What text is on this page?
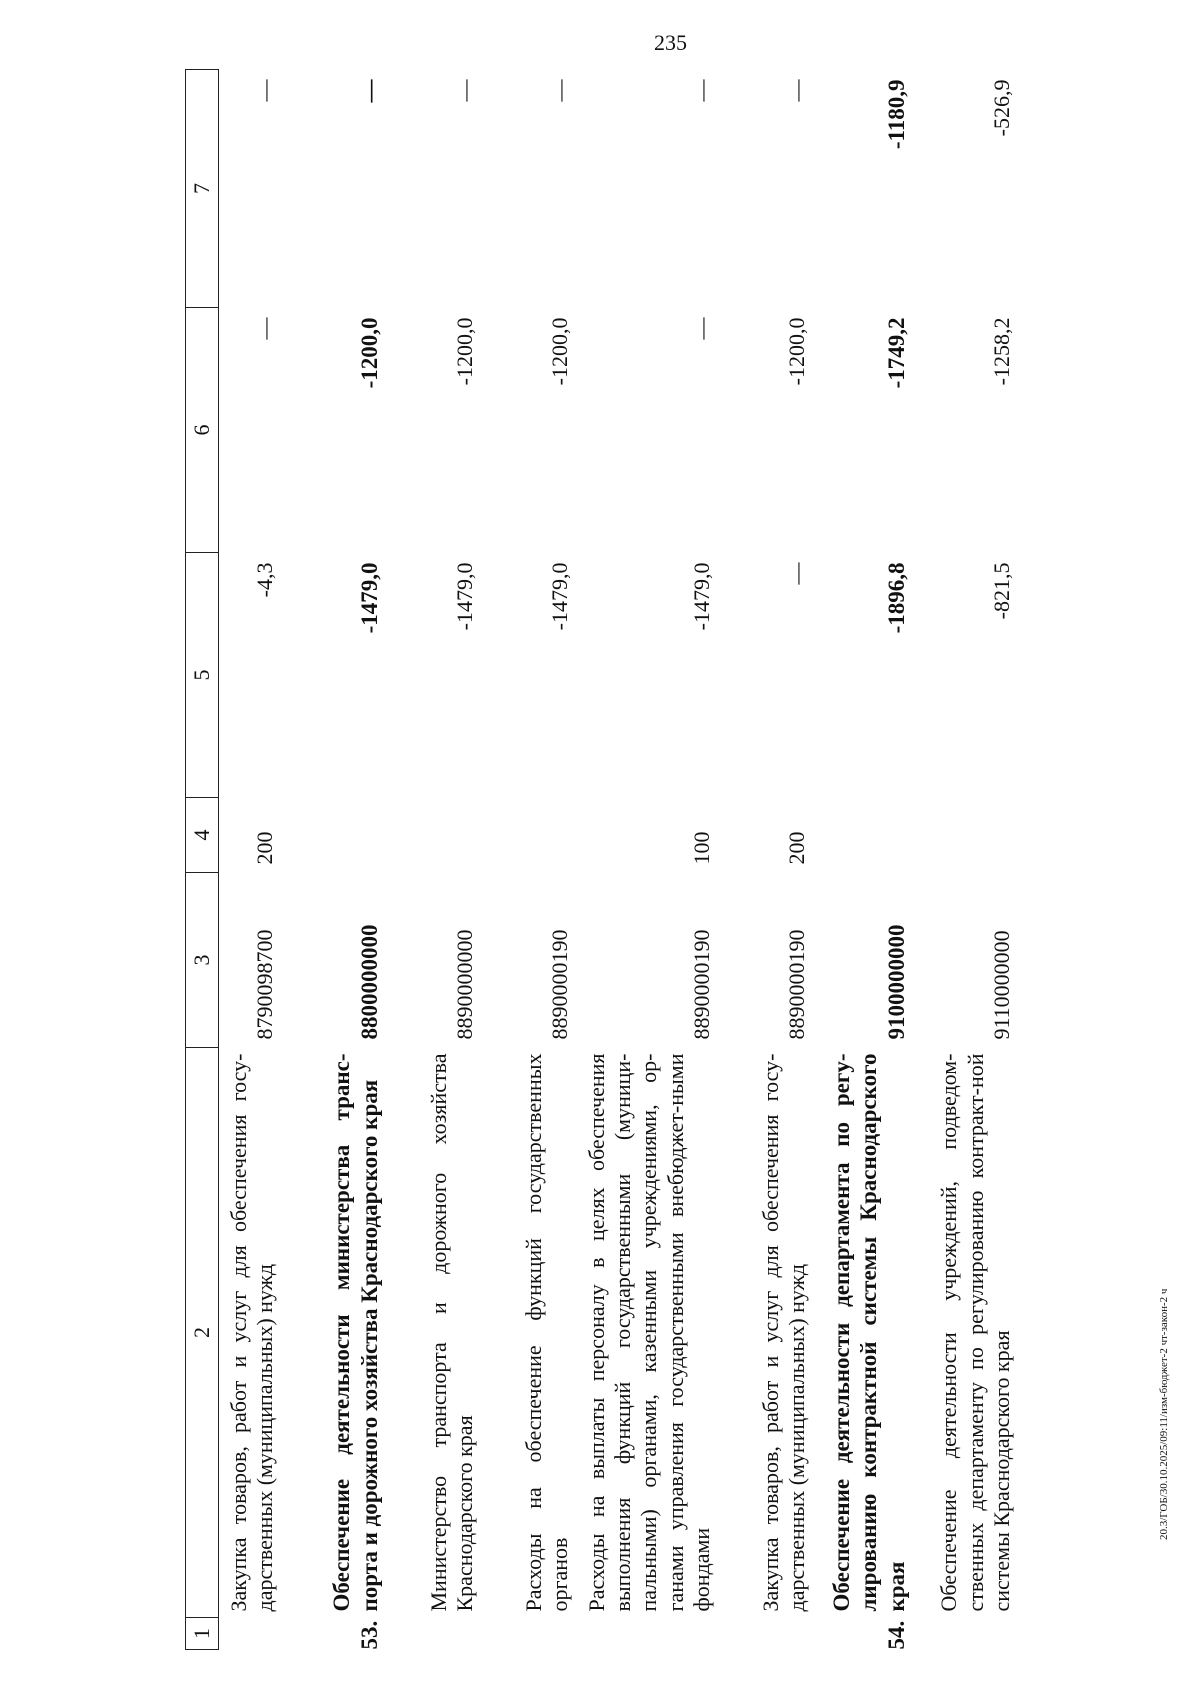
235
20.3/ГОБ/30.10.2025/09:11/изм-бюджет-2 чт-закон-2 ч
1	2	3	4	5	6	7
	Закупка товаров, работ и услуг для обеспечения госу-дарственных (муниципальных) нужд	8790098700	200	-4,3	—	—
53.	Обеспечение деятельности министерства транс-порта и дорожного хозяйства Краснодарского края	8800000000		-1479,0	-1200,0	—
	Министерство транспорта и дорожного хозяйства Краснодарского края	8890000000		-1479,0	-1200,0	—
	Расходы на обеспечение функций государственных органов	8890000190		-1479,0	-1200,0	—
	Расходы на выплаты персоналу в целях обеспечения выполнения функций государственными (муници-пальными) органами, казенными учреждениями, ор-ганами управления государственными внебюджет-ными фондами	8890000190	100	-1479,0	—	—
	Закупка товаров, работ и услуг для обеспечения госу-дарственных (муниципальных) нужд	8890000190	200	—	-1200,0	—
54.	Обеспечение деятельности департамента по регу-лированию контрактной системы Краснодарского края	9100000000		-1896,8	-1749,2	-1180,9
	Обеспечение деятельности учреждений, подведом-ственных департаменту по регулированию контракт-ной системы Краснодарского края	9110000000		-821,5	-1258,2	-526,9
